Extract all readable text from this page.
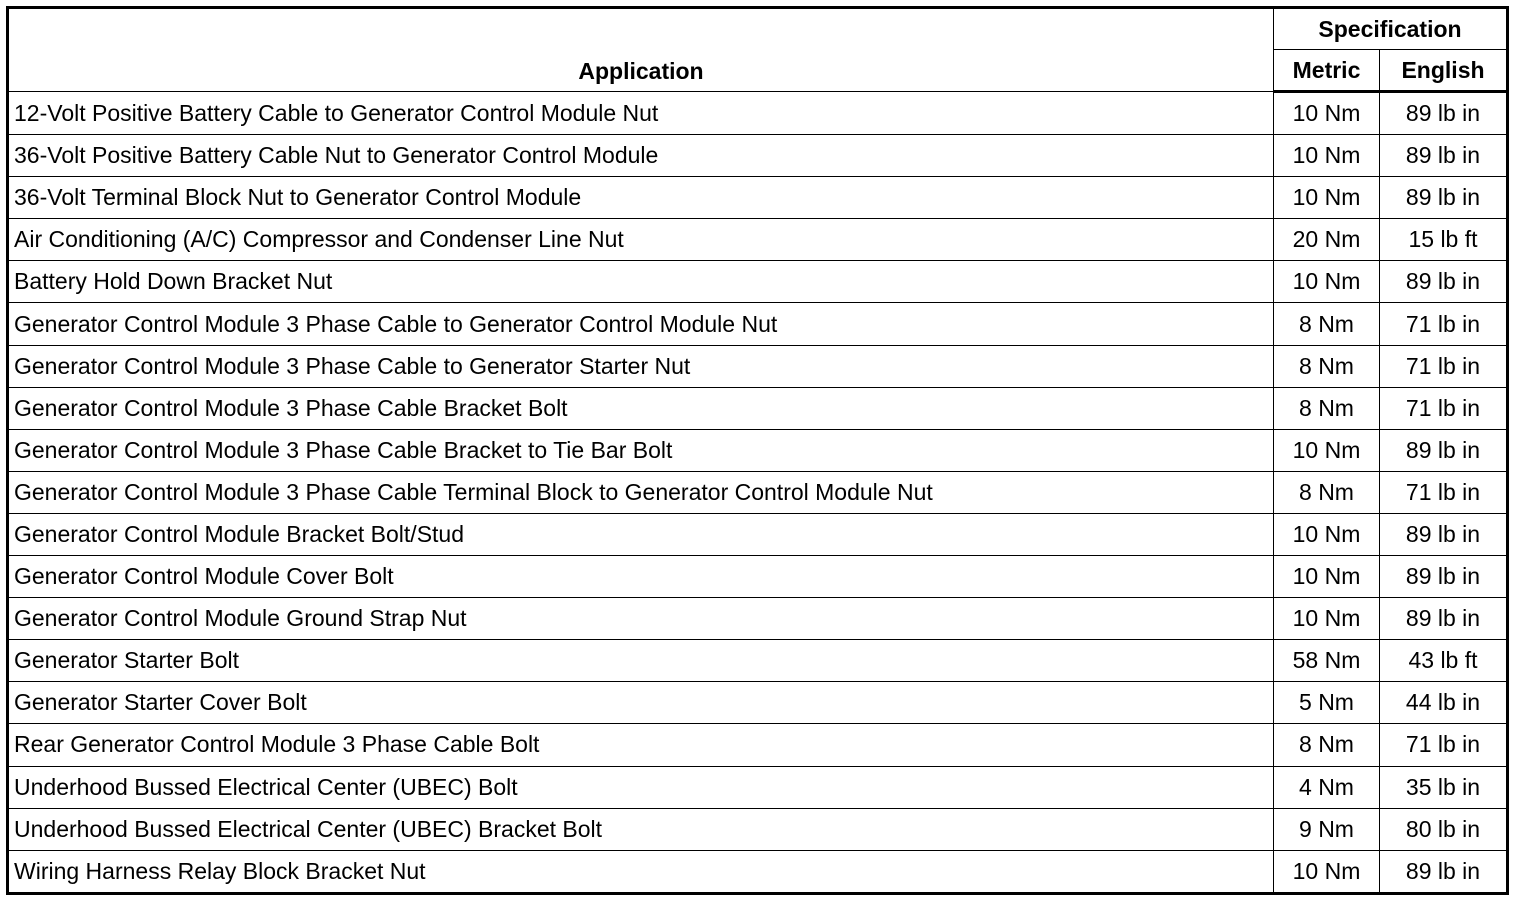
Application	Specification	
	Metric	English
12-Volt Positive Battery Cable to Generator Control Module Nut	10 Nm	89 lb in
36-Volt Positive Battery Cable Nut to Generator Control Module	10 Nm	89 lb in
36-Volt Terminal Block Nut to Generator Control Module	10 Nm	89 lb in
Air Conditioning (A/C) Compressor and Condenser Line Nut	20 Nm	15 lb ft
Battery Hold Down Bracket Nut	10 Nm	89 lb in
Generator Control Module 3 Phase Cable to Generator Control Module Nut	8 Nm	71 lb in
Generator Control Module 3 Phase Cable to Generator Starter Nut	8 Nm	71 lb in
Generator Control Module 3 Phase Cable Bracket Bolt	8 Nm	71 lb in
Generator Control Module 3 Phase Cable Bracket to Tie Bar Bolt	10 Nm	89 lb in
Generator Control Module 3 Phase Cable Terminal Block to Generator Control Module Nut	8 Nm	71 lb in
Generator Control Module Bracket Bolt/Stud	10 Nm	89 lb in
Generator Control Module Cover Bolt	10 Nm	89 lb in
Generator Control Module Ground Strap Nut	10 Nm	89 lb in
Generator Starter Bolt	58 Nm	43 lb ft
Generator Starter Cover Bolt	5 Nm	44 lb in
Rear Generator Control Module 3 Phase Cable Bolt	8 Nm	71 lb in
Underhood Bussed Electrical Center (UBEC) Bolt	4 Nm	35 lb in
Underhood Bussed Electrical Center (UBEC) Bracket Bolt	9 Nm	80 lb in
Wiring Harness Relay Block Bracket Nut	10 Nm	89 lb in
